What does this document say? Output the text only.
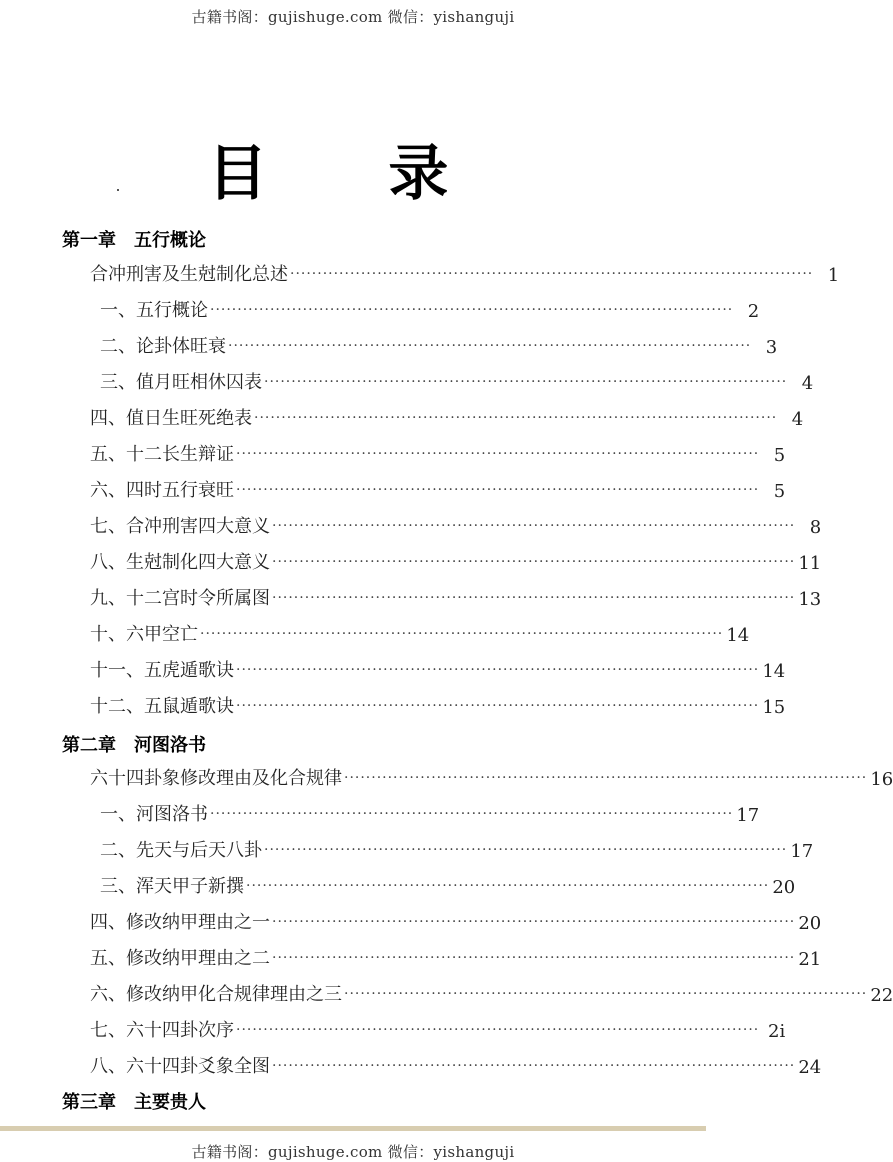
古籍书阁：gujishuge.com 微信：yishanguji
目 录
第一章　五行概论
合冲刑害及生尅制化总述 ································································································ 1
一、五行概论 ································································································ 2
二、论卦体旺衰 ································································································ 3
三、值月旺相休囚表 ································································································ 4
四、值日生旺死绝表 ································································································ 4
五、十二长生辩证 ································································································ 5
六、四时五行衰旺 ································································································ 5
七、合冲刑害四大意义 ································································································ 8
八、生尅制化四大意义 ································································································ 11
九、十二宫时令所属图 ································································································ 13
十、六甲空亡 ································································································ 14
十一、五虎遁歌诀 ································································································ 14
十二、五鼠遁歌诀 ································································································ 15
第二章　河图洛书
六十四卦象修改理由及化合规律 ································································································ 16
一、河图洛书 ································································································ 17
二、先天与后天八卦 ································································································ 17
三、浑天甲子新撰 ································································································ 20
四、修改纳甲理由之一 ································································································ 20
五、修改纳甲理由之二 ································································································ 21
六、修改纳甲化合规律理由之三 ································································································ 22
七、六十四卦次序 ································································································ 2i
八、六十四卦爻象全图 ································································································ 24
第三章　主要贵人
古籍书阁：gujishuge.com 微信：yishanguji
